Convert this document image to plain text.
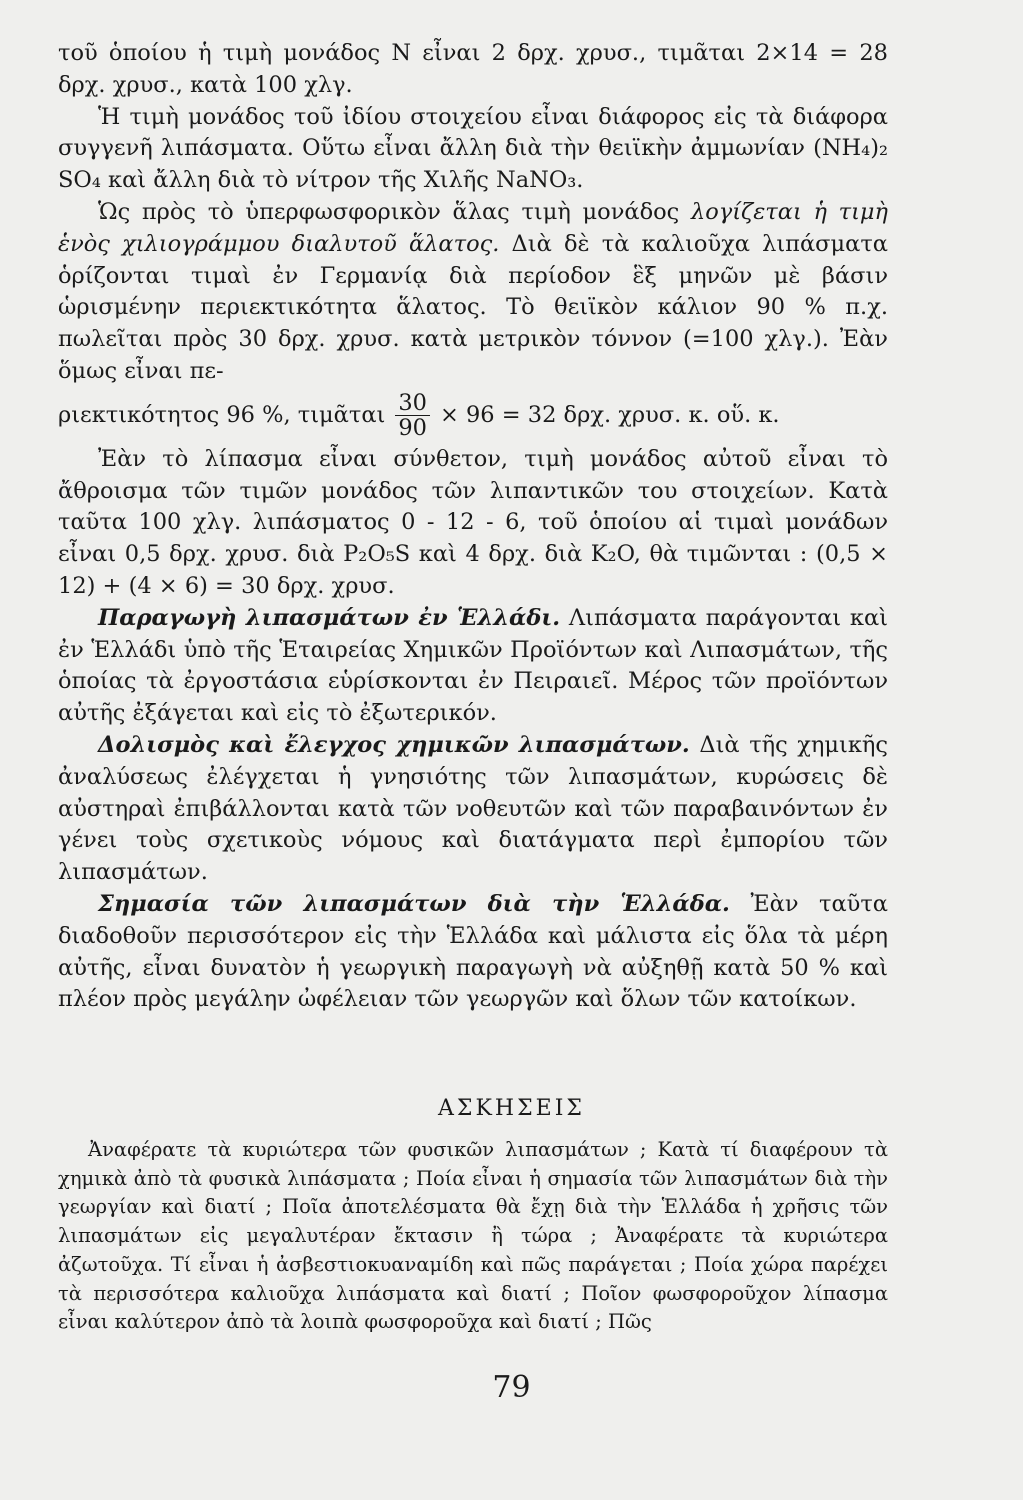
τοῦ ὁποίου ἡ τιμὴ μονάδος N εἶναι 2 δρχ. χρυσ., τιμᾶται 2×14 = 28 δρχ. χρυσ., κατὰ 100 χλγ.

Ἡ τιμὴ μονάδος τοῦ ἰδίου στοιχείου εἶναι διάφορος εἰς τὰ διάφορα συγγενῆ λιπάσματα. Οὕτω εἶναι ἄλλη διὰ τὴν θειϊκὴν ἀμμωνίαν (NH₄)₂ SO₄ καὶ ἄλλη διὰ τὸ νίτρον τῆς Χιλῆς NaNO₃.

Ὡς πρὸς τὸ ὑπερφωσφορικὸν ἅλας τιμὴ μονάδος λογίζεται ἡ τιμὴ ἑνὸς χιλιογράμμου διαλυτοῦ ἅλατος. Διὰ δὲ τὰ καλιοῦχα λιπάσματα ὁρίζονται τιμαὶ ἐν Γερμανίᾳ διὰ περίοδον ἓξ μηνῶν μὲ βάσιν ὡρισμένην περιεκτικότητα ἅλατος. Τὸ θειϊκὸν κάλιον 90 % π.χ. πωλεῖται πρὸς 30 δρχ. χρυσ. κατὰ μετρικὸν τόννον (=100 χλγ.). Ἐὰν ὅμως εἶναι πε-

ριεκτικότητος 96 %, τιμᾶται $\frac{30}{90} \times 96 = 32$ δρχ. χρυσ. κ. οὕ. κ.

Ἐὰν τὸ λίπασμα εἶναι σύνθετον, τιμὴ μονάδος αὐτοῦ εἶναι τὸ ἄθροισμα τῶν τιμῶν μονάδος τῶν λιπαντικῶν του στοιχείων. Κατὰ ταῦτα 100 χλγ. λιπάσματος 0 - 12 - 6, τοῦ ὁποίου αἱ τιμαὶ μονάδων εἶναι 0,5 δρχ. χρυσ. διὰ P₂O₅S καὶ 4 δρχ. διὰ K₂O, θὰ τιμῶνται : (0,5 × 12) + (4 × 6) = 30 δρχ. χρυσ.

Παραγωγὴ λιπασμάτων ἐν Ἑλλάδι. Λιπάσματα παράγονται καὶ ἐν Ἑλλάδι ὑπὸ τῆς Ἑταιρείας Χημικῶν Προϊόντων καὶ Λιπασμάτων, τῆς ὁποίας τὰ ἐργοστάσια εὑρίσκονται ἐν Πειραιεῖ. Μέρος τῶν προϊόντων αὐτῆς ἐξάγεται καὶ εἰς τὸ ἐξωτερικόν.

Δολισμὸς καὶ ἔλεγχος χημικῶν λιπασμάτων. Διὰ τῆς χημικῆς ἀναλύσεως ἐλέγχεται ἡ γνησιότης τῶν λιπασμάτων, κυρώσεις δὲ αὐστηραὶ ἐπιβάλλονται κατὰ τῶν νοθευτῶν καὶ τῶν παραβαινόντων ἐν γένει τοὺς σχετικοὺς νόμους καὶ διατάγματα περὶ ἐμπορίου τῶν λιπασμάτων.

Σημασία τῶν λιπασμάτων διὰ τὴν Ἑλλάδα. Ἐὰν ταῦτα διαδοθοῦν περισσότερον εἰς τὴν Ἑλλάδα καὶ μάλιστα εἰς ὅλα τὰ μέρη αὐτῆς, εἶναι δυνατὸν ἡ γεωργικὴ παραγωγὴ νὰ αὐξηθῇ κατὰ 50 % καὶ πλέον πρὸς μεγάλην ὠφέλειαν τῶν γεωργῶν καὶ ὅλων τῶν κατοίκων.

ΑΣΚΗΣΕΙΣ

Ἀναφέρατε τὰ κυριώτερα τῶν φυσικῶν λιπασμάτων ; Κατὰ τί διαφέρουν τὰ χημικὰ ἀπὸ τὰ φυσικὰ λιπάσματα ; Ποία εἶναι ἡ σημασία τῶν λιπασμάτων διὰ τὴν γεωργίαν καὶ διατί ; Ποῖα ἀποτελέσματα θὰ ἔχῃ διὰ τὴν Ἑλλάδα ἡ χρῆσις τῶν λιπασμάτων εἰς μεγαλυτέραν ἔκτασιν ἢ τώρα ; Ἀναφέρατε τὰ κυριώτερα ἀζωτοῦχα. Τί εἶναι ἡ ἀσβεστιοκυαναμίδη καὶ πῶς παράγεται ; Ποία χώρα παρέχει τὰ περισσότερα καλιοῦχα λιπάσματα καὶ διατί ; Ποῖον φωσφοροῦχον λίπασμα εἶναι καλύτερον ἀπὸ τὰ λοιπὰ φωσφοροῦχα καὶ διατί ; Πῶς

79
